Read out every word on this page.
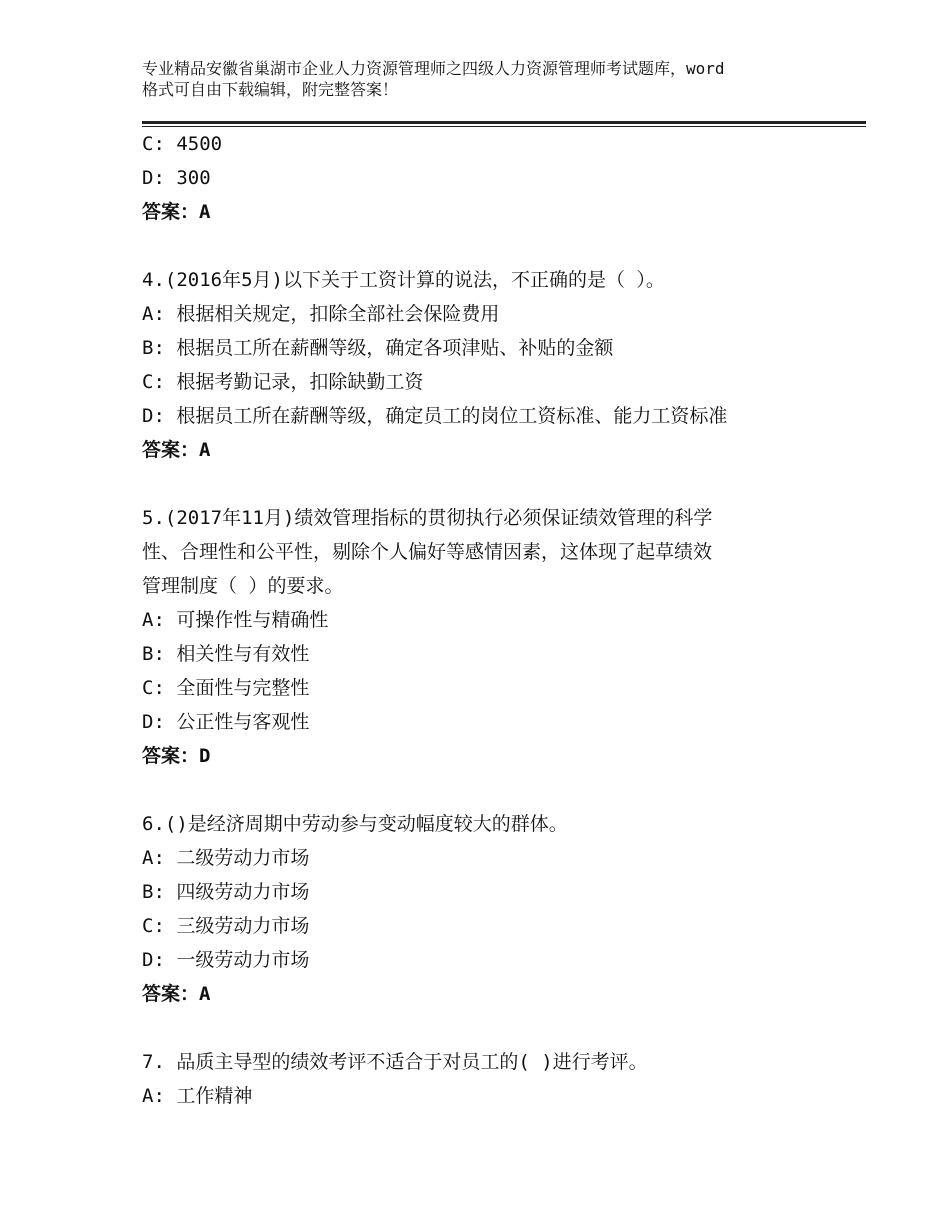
专业精品安徽省巢湖市企业人力资源管理师之四级人力资源管理师考试题库，word
格式可自由下载编辑，附完整答案！
C: 4500
D: 300
答案：A
4.(2016年5月)以下关于工资计算的说法，不正确的是（ ）。
A: 根据相关规定，扣除全部社会保险费用
B: 根据员工所在薪酬等级，确定各项津贴、补贴的金额
C: 根据考勤记录，扣除缺勤工资
D: 根据员工所在薪酬等级，确定员工的岗位工资标准、能力工资标准
答案：A
5.(2017年11月)绩效管理指标的贯彻执行必须保证绩效管理的科学
性、合理性和公平性，剔除个人偏好等感情因素，这体现了起草绩效
管理制度（ ）的要求。
A: 可操作性与精确性
B: 相关性与有效性
C: 全面性与完整性
D: 公正性与客观性
答案：D
6.()是经济周期中劳动参与变动幅度较大的群体。
A: 二级劳动力市场
B: 四级劳动力市场
C: 三级劳动力市场
D: 一级劳动力市场
答案：A
7. 品质主导型的绩效考评不适合于对员工的( )进行考评。
A: 工作精神
